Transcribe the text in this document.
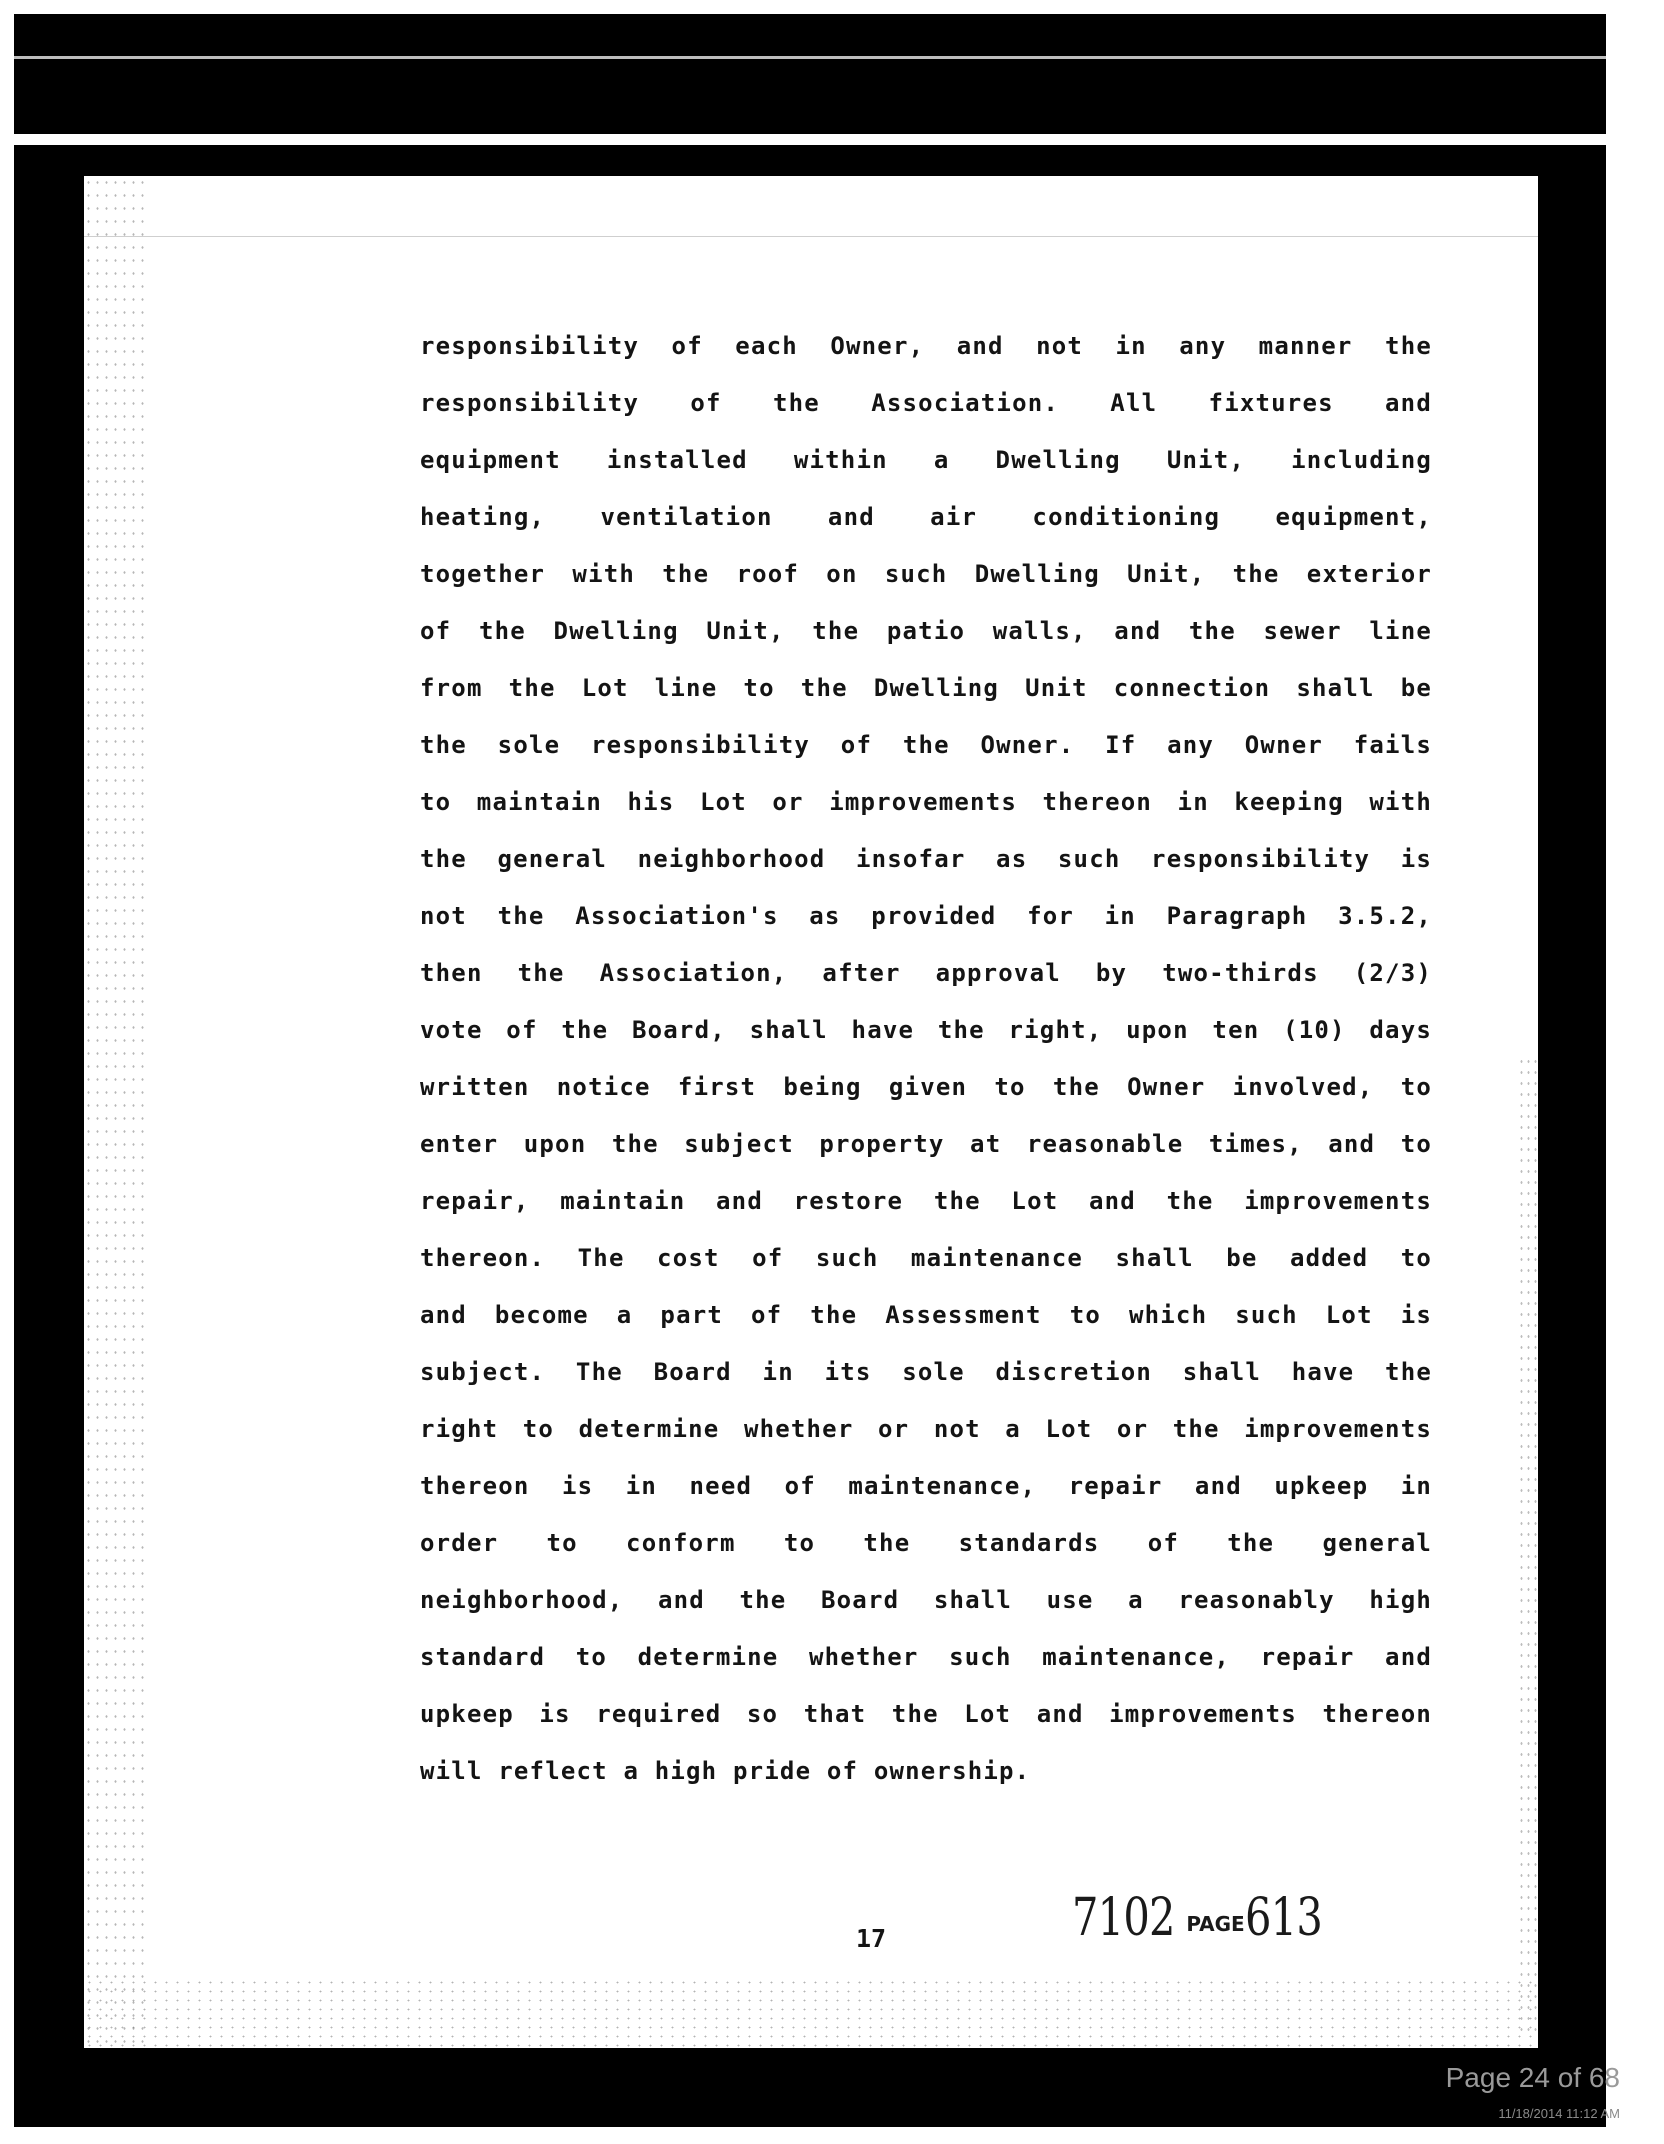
responsibility of each Owner, and not in any manner the
responsibility of the Association. All fixtures and
equipment installed within a Dwelling Unit, including
heating, ventilation and air conditioning equipment,
together with the roof on such Dwelling Unit, the exterior
of the Dwelling Unit, the patio walls, and the sewer line
from the Lot line to the Dwelling Unit connection shall be
the sole responsibility of the Owner. If any Owner fails
to maintain his Lot or improvements thereon in keeping with
the general neighborhood insofar as such responsibility is
not the Association's as provided for in Paragraph 3.5.2,
then the Association, after approval by two-thirds (2/3)
vote of the Board, shall have the right, upon ten (10) days
written notice first being given to the Owner involved, to
enter upon the subject property at reasonable times, and to
repair, maintain and restore the Lot and the improvements
thereon. The cost of such maintenance shall be added to
and become a part of the Assessment to which such Lot is
subject. The Board in its sole discretion shall have the
right to determine whether or not a Lot or the improvements
thereon is in need of maintenance, repair and upkeep in
order to conform to the standards of the general
neighborhood, and the Board shall use a reasonably high
standard to determine whether such maintenance, repair and
upkeep is required so that the Lot and improvements thereon
will reflect a high pride of ownership.
17	7102 PAGE613
Page 24 of 68
11/18/2014 11:12 AM
